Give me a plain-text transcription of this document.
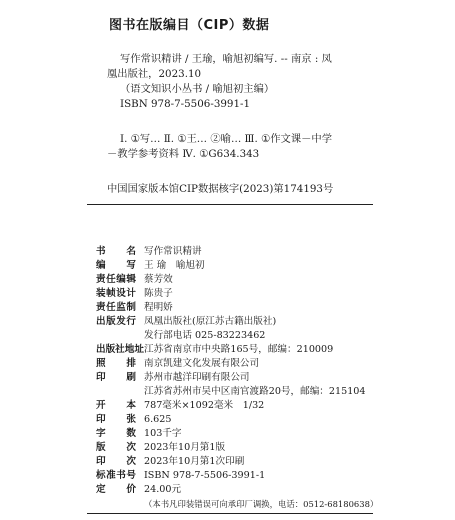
图书在版编目（CIP）数据
写作常识精讲 / 王瑜，喻旭初编写. -- 南京 : 凤
凰出版社，2023.10
（语文知识小丛书 / 喻旭初主编）
ISBN 978-7-5506-3991-1
Ⅰ. ①写… Ⅱ. ①王… ②喻… Ⅲ. ①作文课－中学
－教学参考资料 Ⅳ. ①G634.343
中国国家版本馆CIP数据核字(2023)第174193号
书名 写作常识精讲
编写 王 瑜　喻旭初
责任编辑 蔡芳效
装帧设计 陈贵子
责任监制 程明娇
出版发行 凤凰出版社(原江苏古籍出版社)
发行部电话 025-83223462
出版社地址 江苏省南京市中央路165号，邮编：210009
照排 南京凯建文化发展有限公司
印刷 苏州市越洋印刷有限公司
江苏省苏州市吴中区南官渡路20号，邮编：215104
开本 787毫米×1092毫米　1/32
印张 6.625
字数 103千字
版次 2023年10月第1版
印次 2023年10月第1次印刷
标准书号 ISBN 978-7-5506-3991-1
定价 24.00元
（本书凡印装错误可向承印厂调换，电话：0512-68180638）
